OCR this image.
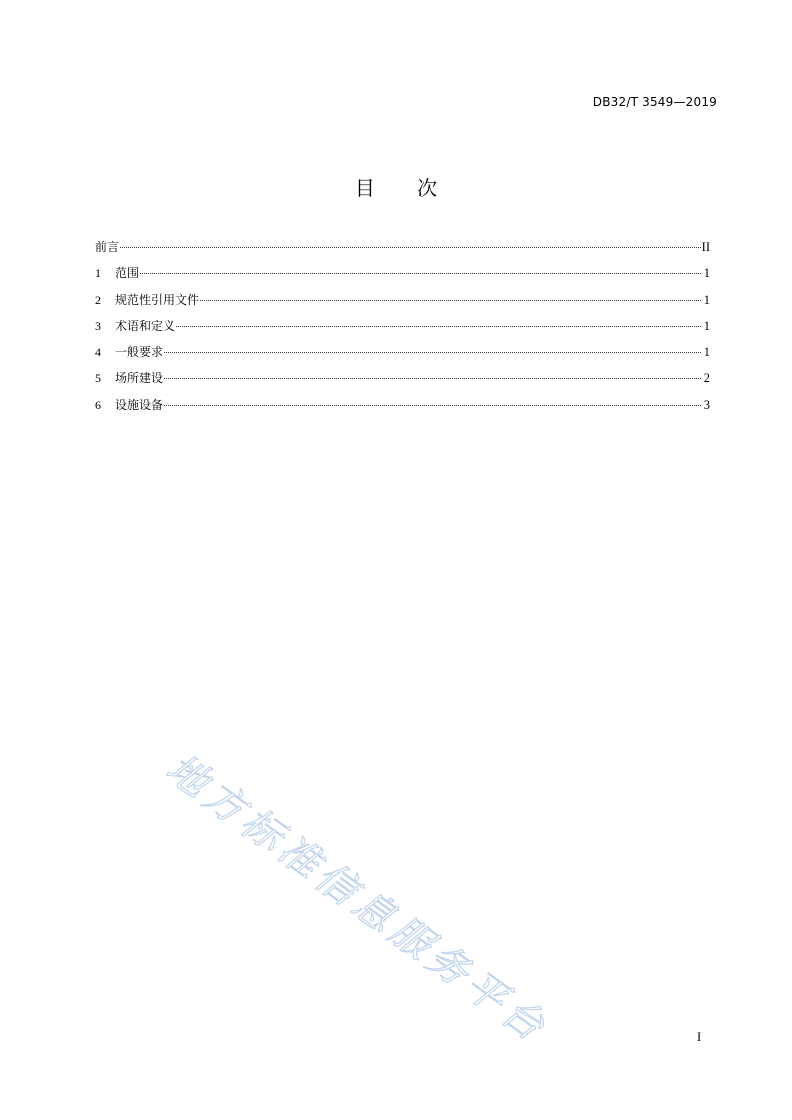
DB32/T 3549—2019
目 次
前言	II
1	范围	1
2	规范性引用文件	1
3	术语和定义	1
4	一般要求	1
5	场所建设	2
6	设施设备	3
地方标准信息服务平台	I
